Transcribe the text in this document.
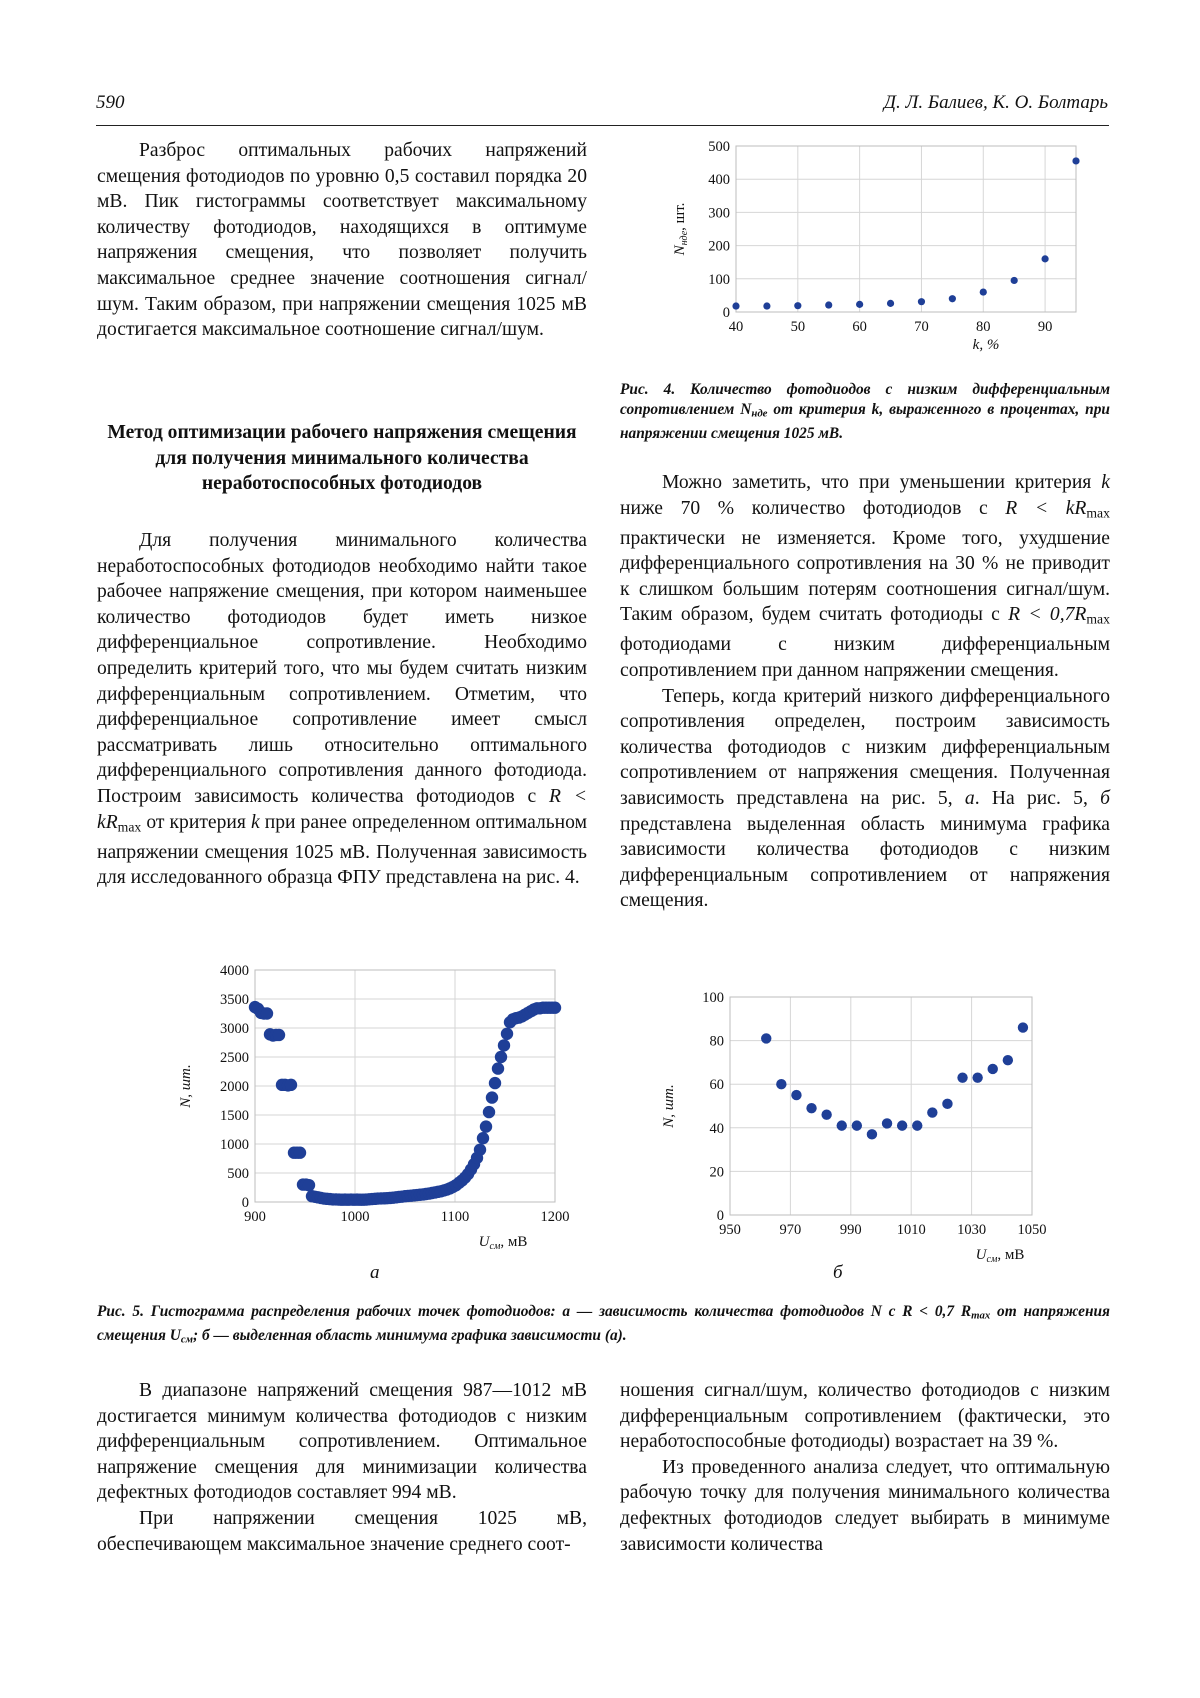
590	Д. Л. Балиев, К. О. Болтарь

Разброс оптимальных рабочих напряжений смещения фотодиодов по уровню 0,5 составил порядка 20 мВ. Пик гистограммы соответствует максимальному количеству фотодиодов, находящихся в оптимуме напряжения смещения, что позволяет получить максимальное среднее значение соотношения сигнал/шум. Таким образом, при напряжении смещения 1025 мВ достигается максимальное соотношение сигнал/шум.

Метод оптимизации рабочего напряжения смещения для получения минимального количества неработоспособных фотодиодов

Для получения минимального количества неработоспособных фотодиодов необходимо найти такое рабочее напряжение смещения, при котором наименьшее количество фотодиодов будет иметь низкое дифференциальное сопротивление. Необходимо определить критерий того, что мы будем считать низким дифференциальным сопротивлением. Отметим, что дифференциальное сопротивление имеет смысл рассматривать лишь относительно оптимального дифференциального сопротивления данного фотодиода. Построим зависимость количества фотодиодов с $R < kR_{max}$ от критерия k при ранее определенном оптимальном напряжении смещения 1025 мВ. Полученная зависимость для исследованного образца ФПУ представлена на рис. 4.

0
100
200
300
400
500
40	50	60	70	80	90
$N_{нде}$, шт.
k, %
Рис. 4. Количество фотодиодов с низким дифференциальным сопротивлением $N_{нде}$ от критерия k, выраженного в процентах, при напряжении смещения 1025 мВ.

Можно заметить, что при уменьшении критерия k ниже 70 % количество фотодиодов с $R < kR_{max}$ практически не изменяется. Кроме того, ухудшение дифференциального сопротивления на 30 % не приводит к слишком большим потерям соотношения сигнал/шум. Таким образом, будем считать фотодиоды с $R < 0,7R_{max}$ фотодиодами с низким дифференциальным сопротивлением при данном напряжении смещения.

Теперь, когда критерий низкого дифференциального сопротивления определен, построим зависимость количества фотодиодов с низким дифференциальным сопротивлением от напряжения смещения. Полученная зависимость представлена на рис. 5, а. На рис. 5, б представлена выделенная область минимума графика зависимости количества фотодиодов с низким дифференциальным сопротивлением от напряжения смещения.

0
500
1000
1500
2000
2500
3000
3500
4000
900	1000	1100	1200
N, шт.
$U_{см}$, мВ
0
20
40
60
80
100
950	970	990 1010 1030 1050
N, шт.
$U_{см}$, мВ
а	б
Рис. 5. Гистограмма распределения рабочих точек фотодиодов: а — зависимость количества фотодиодов N с R < 0,7 $R_{max}$ от напряжения смещения $U_{см}$; б — выделенная область минимума графика зависимости (а).

В диапазоне напряжений смещения 987—1012 мВ достигается минимум количества фотодиодов с низким дифференциальным сопротивлением. Оптимальное напряжение смещения для минимизации количества дефектных фотодиодов составляет 994 мВ.

При напряжении смещения 1025 мВ, обеспечивающем максимальное значение среднего соот-

ношения сигнал/шум, количество фотодиодов с низким дифференциальным сопротивлением (фактически, это неработоспособные фотодиоды) возрастает на 39 %.

Из проведенного анализа следует, что оптимальную рабочую точку для получения минимального количества дефектных фотодиодов следует выбирать в минимуме зависимости количества
